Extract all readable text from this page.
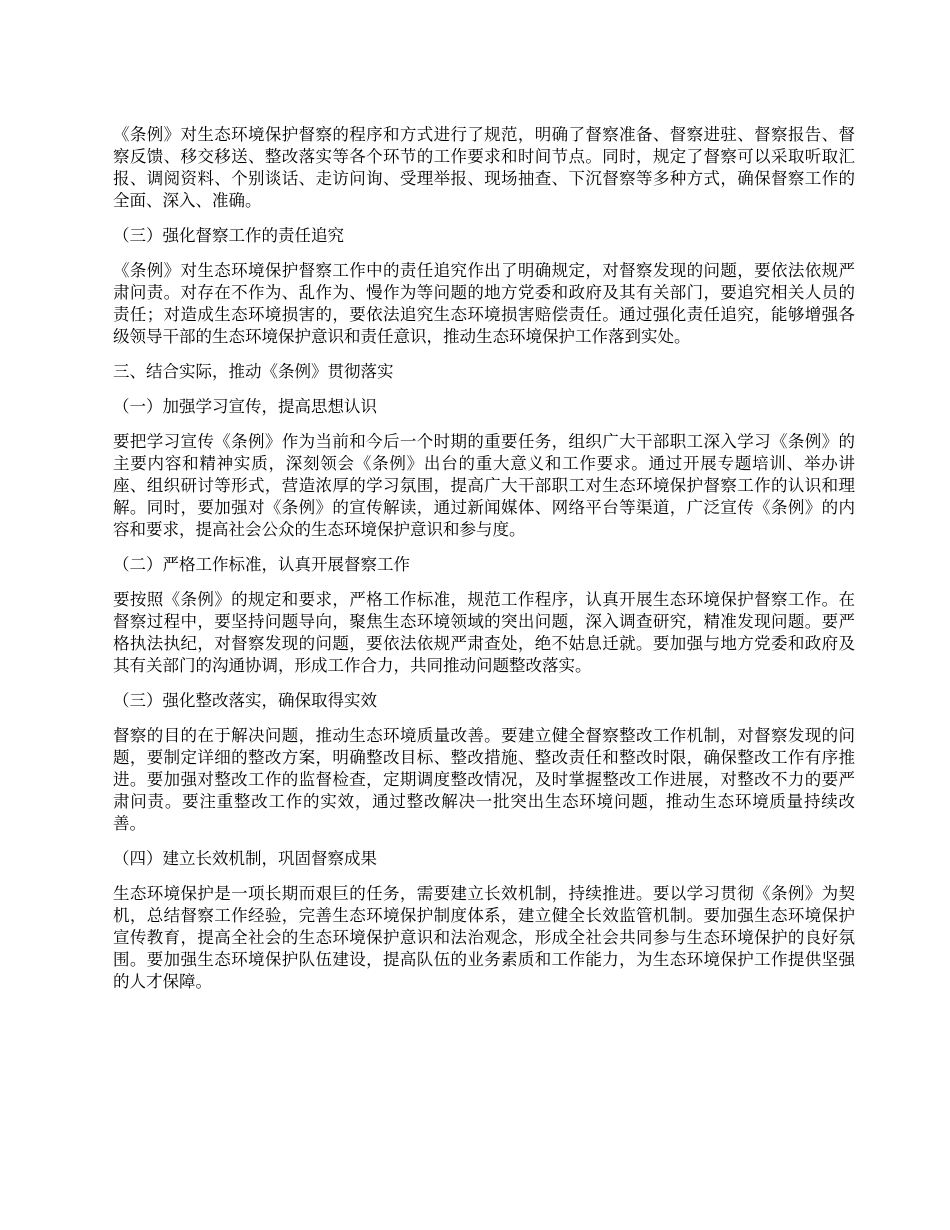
《条例》对生态环境保护督察的程序和方式进行了规范，明确了督察准备、督察进驻、督察报告、督察反馈、移交移送、整改落实等各个环节的工作要求和时间节点。同时，规定了督察可以采取听取汇报、调阅资料、个别谈话、走访问询、受理举报、现场抽查、下沉督察等多种方式，确保督察工作的全面、深入、准确。

（三）强化督察工作的责任追究

《条例》对生态环境保护督察工作中的责任追究作出了明确规定，对督察发现的问题，要依法依规严肃问责。对存在不作为、乱作为、慢作为等问题的地方党委和政府及其有关部门，要追究相关人员的责任；对造成生态环境损害的，要依法追究生态环境损害赔偿责任。通过强化责任追究，能够增强各级领导干部的生态环境保护意识和责任意识，推动生态环境保护工作落到实处。

三、结合实际，推动《条例》贯彻落实

（一）加强学习宣传，提高思想认识

要把学习宣传《条例》作为当前和今后一个时期的重要任务，组织广大干部职工深入学习《条例》的主要内容和精神实质，深刻领会《条例》出台的重大意义和工作要求。通过开展专题培训、举办讲座、组织研讨等形式，营造浓厚的学习氛围，提高广大干部职工对生态环境保护督察工作的认识和理解。同时，要加强对《条例》的宣传解读，通过新闻媒体、网络平台等渠道，广泛宣传《条例》的内容和要求，提高社会公众的生态环境保护意识和参与度。

（二）严格工作标准，认真开展督察工作

要按照《条例》的规定和要求，严格工作标准，规范工作程序，认真开展生态环境保护督察工作。在督察过程中，要坚持问题导向，聚焦生态环境领域的突出问题，深入调查研究，精准发现问题。要严格执法执纪，对督察发现的问题，要依法依规严肃查处，绝不姑息迁就。要加强与地方党委和政府及其有关部门的沟通协调，形成工作合力，共同推动问题整改落实。

（三）强化整改落实，确保取得实效

督察的目的在于解决问题，推动生态环境质量改善。要建立健全督察整改工作机制，对督察发现的问题，要制定详细的整改方案，明确整改目标、整改措施、整改责任和整改时限，确保整改工作有序推进。要加强对整改工作的监督检查，定期调度整改情况，及时掌握整改工作进展，对整改不力的要严肃问责。要注重整改工作的实效，通过整改解决一批突出生态环境问题，推动生态环境质量持续改善。

（四）建立长效机制，巩固督察成果

生态环境保护是一项长期而艰巨的任务，需要建立长效机制，持续推进。要以学习贯彻《条例》为契机，总结督察工作经验，完善生态环境保护制度体系，建立健全长效监管机制。要加强生态环境保护宣传教育，提高全社会的生态环境保护意识和法治观念，形成全社会共同参与生态环境保护的良好氛围。要加强生态环境保护队伍建设，提高队伍的业务素质和工作能力，为生态环境保护工作提供坚强的人才保障。
